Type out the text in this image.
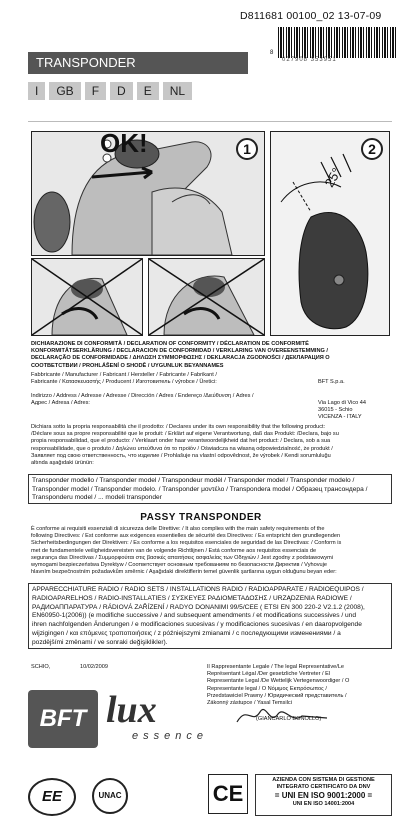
D811681 00100_02 13-07-09
8
027908 353951
TRANSPONDER
I	GB	F	D	E	NL
OK!	1
25°
2
DICHIARAZIONE DI CONFORMITÀ / DECLARATION OF CONFORMITY / DÉCLARATION DE CONFORMITÉ
KONFORMITÄTSERKLÄRUNG / DECLARACION DE CONFORMIDAD / VERKLARING VAN OVEREENSTEMMING /
DECLARAÇÃO DE CONFORMIDADE / ΔΗΛΩΣΗ ΣΥΜΜΟΡΦΩΣΗΣ / DEKLARACJA ZGODNOŚCI / ДЕКЛАРАЦИЯ О
СООТВЕТСТВИИ / PROHLÁŠENÍ O SHODĚ / UYGUNLUK BEYANNAMES
Fabbricante / Manufacturer / Fabricant / Hersteller / Fabricante / Fabrikant /
Fabricante / Κατασκευαστής / Producent / Изготовитель / výrobce / Üretici:	BFT S.p.a.
Indirizzo / Address / Adresse / Adresse / Dirección / Adres / Endereço /Διεύθυνση / Adres /
Адрес / Adresa / Adres:	Via Lago di Vico 44
36015 - Schio
VICENZA - ITALY
Dichiara sotto la propria responsabilità che il prodotto: / Declares under its own responsibility that the following product:
/Déclare sous sa propre responsabilité que le produit: / Erklärt auf eigene Verantwortung, daß das Produkt: /Declara, bajo su
propia responsabilidad, que el producto: / Verklaart onder haar verantwoordelijkheid dat het product: / Declara, sob a sua
responsabilidade, que o produto / Δηλώνει υπεύθυνα ότι το προϊόν / Oświadcza na własną odpowiedzialność, że produkt /
Заявляет под свою ответственность, что изделие / Prohlašuje na vlastní odpovědnost, že výrobek / Kendi sorumluluğu
altında aşağıdaki ürünün:
Transponder modello / Transponder model / Transpondeur modèl / Transponder model / Transponder modelo /
Transponder model / Transponder modelo. / Transponder μοντέλο / Transpondera model / Образец трансондера /
Transponderu model / ... modeli transponder
PASSY TRANSPONDER
È conforme ai requisiti essenziali di sicurezza delle Direttive: / It also complies with the main safety requirements of the
following Directives: / Est conforme aux exigences essentielles de sécurité des Directives: / Es entspricht den grundlegenden
Sicherheitsbedingungen der Direktiven: / Es conforme a los requisitos esenciales de seguridad de las Directivas: / Conform is
met de fundamentele veiligheidsvereisten van de volgende Richtlijnen / Está conforme aos requisitos essenciais de
segurança das Directivas / Συμμορφούται στις βασικές απαιτήσεις ασφαλείας των Οδηγιών / Jest zgodny z podstawowymi
wymogami bezpieczeństwa Dyrektyw / Соответствует основным требованиям по безопасности Директив / Vyhovuje
hlavním bezpečnostním požadavkům směrnic / Aşağıdaki direktiflerin temel güvenlik şartlarına uygun olduğunu beyan eder:
APPARECCHIATURE RADIO / RADIO SETS / INSTALLATIONS RADIO / RADIOAPPARATE / RADIOEQUIPOS /
RADIOAPARELHOS / RADIO-INSTALLATIES / ΣΥΣΚΕΥΕΣ ΡΑΔΙΟΜΕΤΑΔΟΣΗΣ / URZĄDZENIA RADIOWE /
РАДИОАППАРАТУРА / RÁDIOVÁ ZAŘÍZENÍ / RADYO DONANIMI 99/5/CEE ( ETSI EN 300 220-2 V2.1.2 (2008),
EN60950-1(2006)) (e modifiche successive / and subsequent amendments / et modifications successives / und
ihren nachfolgenden Änderungen / e modificaciones sucesivas / y modificaciones sucesivas / en daaropvolgende
wijzigingen / και επόμενες τροποποιήσεις / z późniejszymi zmianami / с последующими изменениями / a
pozdějšími změnami / ve sonraki değişiklikler).
SCHIO,	10/02/2009	Il Rappresentante Legale / The legal Representative/Le
Représentant Légal /Der gesetzliche Vertreter / El
Representante Legal /De Wettelijk Vertegenwoordiger / O
Representante legal / Ο Νόμιμος Εκπρόσωπος /
Przedstawiciel Prawny / Юридический представитель /
Zákonný zástupce / Yasal Temsilci
(GIANCARLO BONOLLO)
BFT lux
essence
EE	UNAC	CE
AZIENDA CON SISTEMA DI GESTIONE
INTEGRATO CERTIFICATO DA DNV
= UNI EN ISO 9001:2000 =
UNI EN ISO 14001:2004
